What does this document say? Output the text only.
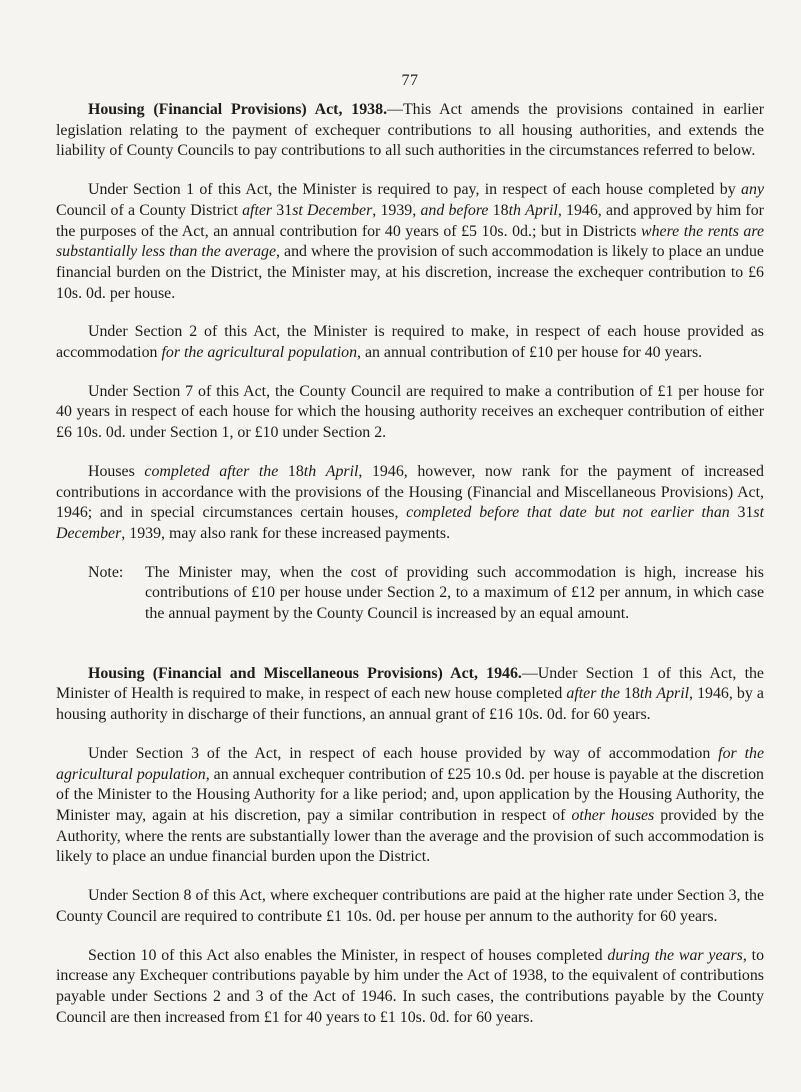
77

Housing (Financial Provisions) Act, 1938.—This Act amends the provisions contained in earlier legislation relating to the payment of exchequer contributions to all housing authorities, and extends the liability of County Councils to pay contributions to all such authorities in the circumstances referred to below.

Under Section 1 of this Act, the Minister is required to pay, in respect of each house completed by any Council of a County District after 31st December, 1939, and before 18th April, 1946, and approved by him for the purposes of the Act, an annual contribution for 40 years of £5 10s. 0d.; but in Districts where the rents are substantially less than the average, and where the provision of such accommodation is likely to place an undue financial burden on the District, the Minister may, at his discretion, increase the exchequer contribution to £6 10s. 0d. per house.

Under Section 2 of this Act, the Minister is required to make, in respect of each house provided as accommodation for the agricultural population, an annual contribution of £10 per house for 40 years.

Under Section 7 of this Act, the County Council are required to make a contribution of £1 per house for 40 years in respect of each house for which the housing authority receives an exchequer contribution of either £6 10s. 0d. under Section 1, or £10 under Section 2.

Houses completed after the 18th April, 1946, however, now rank for the payment of increased contributions in accordance with the provisions of the Housing (Financial and Miscellaneous Provisions) Act, 1946; and in special circumstances certain houses, completed before that date but not earlier than 31st December, 1939, may also rank for these increased payments.

Note:	The Minister may, when the cost of providing such accommodation is high, increase his contributions of £10 per house under Section 2, to a maximum of £12 per annum, in which case the annual payment by the County Council is increased by an equal amount.

Housing (Financial and Miscellaneous Provisions) Act, 1946.—Under Section 1 of this Act, the Minister of Health is required to make, in respect of each new house completed after the 18th April, 1946, by a housing authority in discharge of their functions, an annual grant of £16 10s. 0d. for 60 years.

Under Section 3 of the Act, in respect of each house provided by way of accommodation for the agricultural population, an annual exchequer contribution of £25 10.s 0d. per house is payable at the discretion of the Minister to the Housing Authority for a like period; and, upon application by the Housing Authority, the Minister may, again at his discretion, pay a similar contribution in respect of other houses provided by the Authority, where the rents are substantially lower than the average and the provision of such accommodation is likely to place an undue financial burden upon the District.

Under Section 8 of this Act, where exchequer contributions are paid at the higher rate under Section 3, the County Council are required to contribute £1 10s. 0d. per house per annum to the authority for 60 years.

Section 10 of this Act also enables the Minister, in respect of houses completed during the war years, to increase any Exchequer contributions payable by him under the Act of 1938, to the equivalent of contributions payable under Sections 2 and 3 of the Act of 1946. In such cases, the contributions payable by the County Council are then increased from £1 for 40 years to £1 10s. 0d. for 60 years.
